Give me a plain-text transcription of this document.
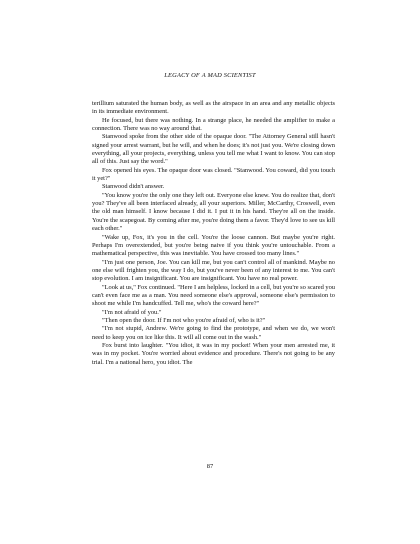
LEGACY OF A MAD SCIENTIST

terillium saturated the human body, as well as the airspace in an area and any metallic objects in its immediate environment.

He focused, but there was nothing. In a strange place, he needed the amplifier to make a connection. There was no way around that.

Stanwood spoke from the other side of the opaque door. "The Attorney General still hasn't signed your arrest warrant, but he will, and when he does; it's not just you. We're closing down everything, all your projects, everything, unless you tell me what I want to know. You can stop all of this. Just say the word."

Fox opened his eyes. The opaque door was closed. "Stanwood. You coward, did you touch it yet?"

Stanwood didn't answer.

"You know you're the only one they left out. Everyone else knew. You do realize that, don't you? They've all been interfaced already, all your superiors. Miller, McCarthy, Croswell, even the old man himself. I know because I did it. I put it in his hand. They're all on the inside. You're the scapegoat. By coming after me, you're doing them a favor. They'd love to see us kill each other."

"Wake up, Fox, it's you in the cell. You're the loose cannon. But maybe you're right. Perhaps I'm overextended, but you're being naive if you think you're untouchable. From a mathematical perspective, this was inevitable. You have crossed too many lines."

"I'm just one person, Joe. You can kill me, but you can't control all of mankind. Maybe no one else will frighten you, the way I do, but you've never been of any interest to me. You can't stop evolution. I am insignificant. You are insignificant. You have no real power.

"Look at us," Fox continued. "Here I am helpless, locked in a cell, but you're so scared you can't even face me as a man. You need someone else's approval, someone else's permission to shoot me while I'm handcuffed. Tell me, who's the coward here?"

"I'm not afraid of you."

"Then open the door. If I'm not who you're afraid of, who is it?"

"I'm not stupid, Andrew. We're going to find the prototype, and when we do, we won't need to keep you on ice like this. It will all come out in the wash."

Fox burst into laughter. "You idiot, it was in my pocket! When your men arrested me, it was in my pocket. You're worried about evidence and procedure. There's not going to be any trial. I'm a national hero, you idiot. The

87
